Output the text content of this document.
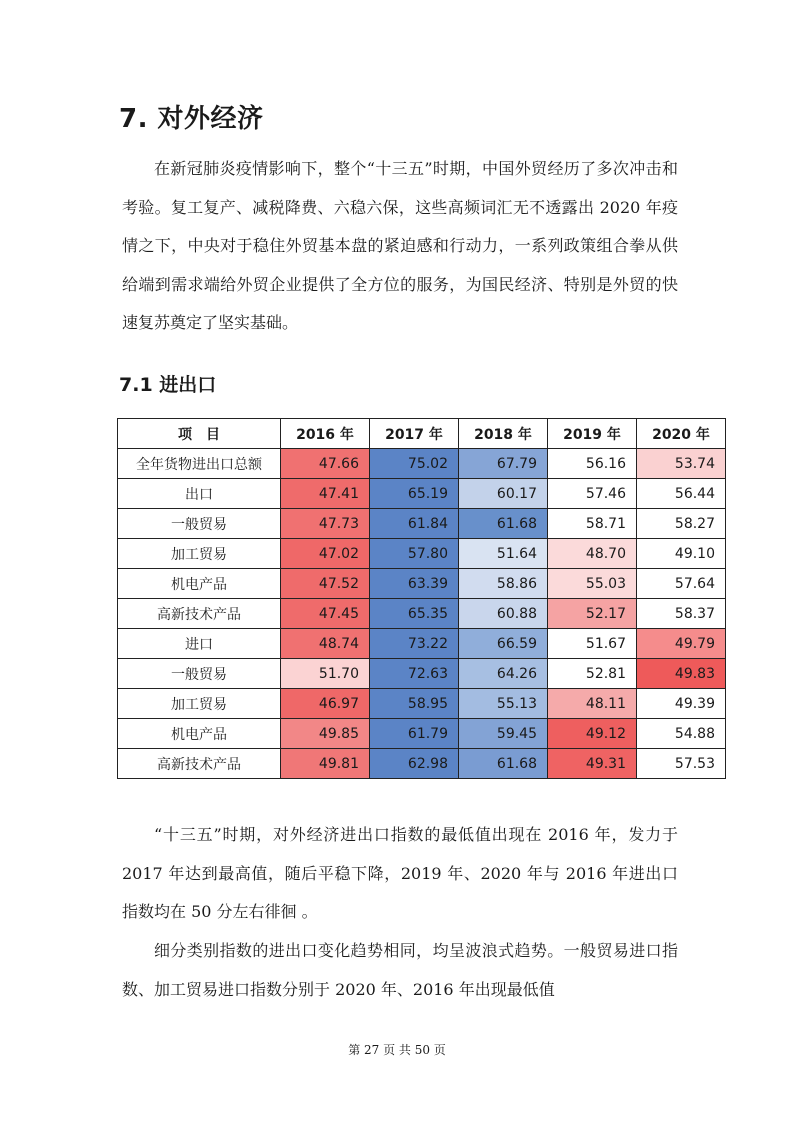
7. 对外经济

在新冠肺炎疫情影响下，整个“十三五”时期，中国外贸经历了多次冲击和考验。复工复产、减税降费、六稳六保，这些高频词汇无不透露出 2020 年疫情之下，中央对于稳住外贸基本盘的紧迫感和行动力，一系列政策组合拳从供给端到需求端给外贸企业提供了全方位的服务，为国民经济、特别是外贸的快速复苏奠定了坚实基础。

7.1 进出口
项　目	2016 年	2017 年	2018 年	2019 年	2020 年
全年货物进出口总额	47.66	75.02	67.79	56.16	53.74
出口	47.41	65.19	60.17	57.46	56.44
一般贸易	47.73	61.84	61.68	58.71	58.27
加工贸易	47.02	57.80	51.64	48.70	49.10
机电产品	47.52	63.39	58.86	55.03	57.64
高新技术产品	47.45	65.35	60.88	52.17	58.37
进口	48.74	73.22	66.59	51.67	49.79
一般贸易	51.70	72.63	64.26	52.81	49.83
加工贸易	46.97	58.95	55.13	48.11	49.39
机电产品	49.85	61.79	59.45	49.12	54.88
高新技术产品	49.81	62.98	61.68	49.31	57.53

“十三五”时期，对外经济进出口指数的最低值出现在 2016 年，发力于 2017 年达到最高值，随后平稳下降，2019 年、2020 年与 2016 年进出口指数均在 50 分左右徘徊 。

细分类别指数的进出口变化趋势相同，均呈波浪式趋势。一般贸易进口指数、加工贸易进口指数分别于 2020 年、2016 年出现最低值

第 27 页 共 50 页
